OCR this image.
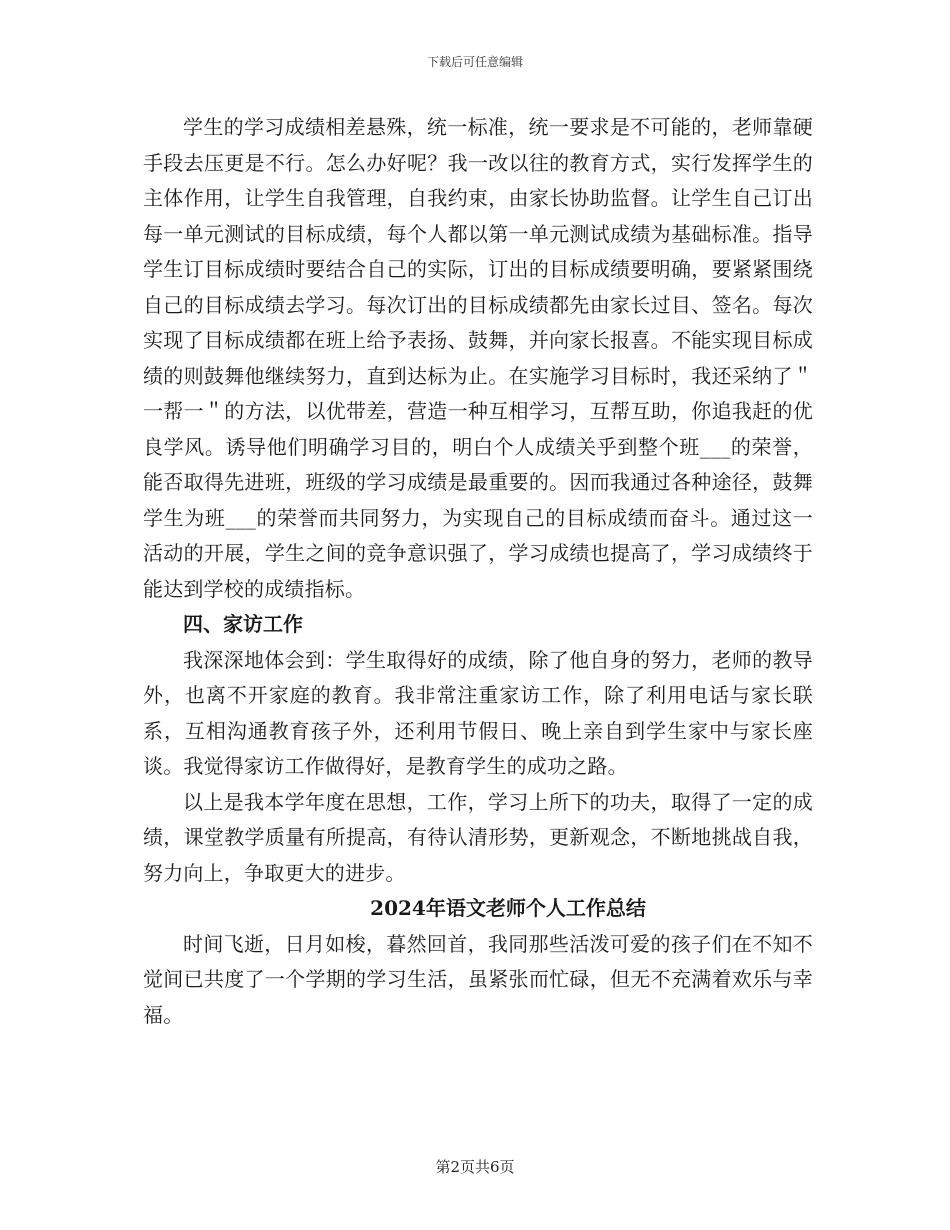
下载后可任意编辑

学生的学习成绩相差悬殊，统一标准，统一要求是不可能的，老师靠硬手段去压更是不行。怎么办好呢？我一改以往的教育方式，实行发挥学生的主体作用，让学生自我管理，自我约束，由家长协助监督。让学生自己订出每一单元测试的目标成绩，每个人都以第一单元测试成绩为基础标准。指导学生订目标成绩时要结合自己的实际，订出的目标成绩要明确，要紧紧围绕自己的目标成绩去学习。每次订出的目标成绩都先由家长过目、签名。每次实现了目标成绩都在班上给予表扬、鼓舞，并向家长报喜。不能实现目标成绩的则鼓舞他继续努力，直到达标为止。在实施学习目标时，我还采纳了＂一帮一＂的方法，以优带差，营造一种互相学习，互帮互助，你追我赶的优良学风。诱导他们明确学习目的，明白个人成绩关乎到整个班___的荣誉，能否取得先进班，班级的学习成绩是最重要的。因而我通过各种途径，鼓舞学生为班___的荣誉而共同努力，为实现自己的目标成绩而奋斗。通过这一活动的开展，学生之间的竞争意识强了，学习成绩也提高了，学习成绩终于能达到学校的成绩指标。

四、家访工作

我深深地体会到：学生取得好的成绩，除了他自身的努力，老师的教导外，也离不开家庭的教育。我非常注重家访工作，除了利用电话与家长联系，互相沟通教育孩子外，还利用节假日、晚上亲自到学生家中与家长座谈。我觉得家访工作做得好，是教育学生的成功之路。

以上是我本学年度在思想，工作，学习上所下的功夫，取得了一定的成绩，课堂教学质量有所提高，有待认清形势，更新观念，不断地挑战自我，努力向上，争取更大的进步。

2024年语文老师个人工作总结

时间飞逝，日月如梭，暮然回首，我同那些活泼可爱的孩子们在不知不觉间已共度了一个学期的学习生活，虽紧张而忙碌，但无不充满着欢乐与幸福。

第2页共6页
